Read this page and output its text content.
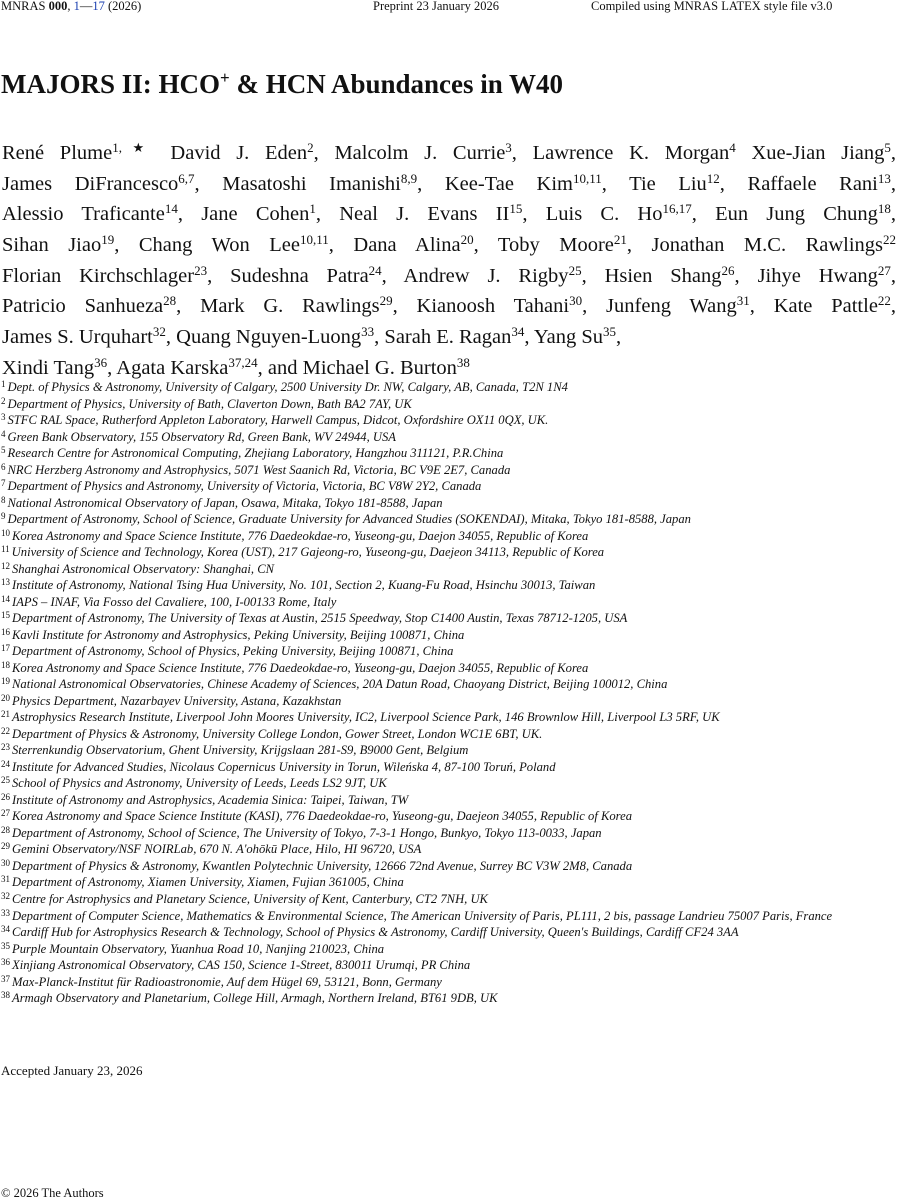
MNRAS 000, 1—17 (2026)	Preprint 23 January 2026	Compiled using MNRAS LATEX style file v3.0
MAJORS II: HCO+ & HCN Abundances in W40
René Plume$^{1,★}$ David J. Eden$^2$, Malcolm J. Currie$^3$, Lawrence K. Morgan$^4$ Xue-Jian Jiang$^5$,
James DiFrancesco$^{6,7}$, Masatoshi Imanishi$^{8,9}$, Kee-Tae Kim$^{10,11}$, Tie Liu$^{12}$, Raffaele Rani$^{13}$,
Alessio Traficante$^{14}$, Jane Cohen$^1$, Neal J. Evans II$^{15}$, Luis C. Ho$^{16,17}$, Eun Jung Chung$^{18}$,
Sihan Jiao$^{19}$, Chang Won Lee$^{10,11}$, Dana Alina$^{20}$, Toby Moore$^{21}$, Jonathan M.C. Rawlings$^{22}$
Florian Kirchschlager$^{23}$, Sudeshna Patra$^{24}$, Andrew J. Rigby$^{25}$, Hsien Shang$^{26}$, Jihye Hwang$^{27}$,
Patricio Sanhueza$^{28}$, Mark G. Rawlings$^{29}$, Kianoosh Tahani$^{30}$, Junfeng Wang$^{31}$, Kate Pattle$^{22}$,
James S. Urquhart$^{32}$, Quang Nguyen-Luong$^{33}$, Sarah E. Ragan$^{34}$, Yang Su$^{35}$,
Xindi Tang$^{36}$, Agata Karska$^{37,24}$, and Michael G. Burton$^{38}$
$^1$ Dept. of Physics & Astronomy, University of Calgary, 2500 University Dr. NW, Calgary, AB, Canada, T2N 1N4
$^2$ Department of Physics, University of Bath, Claverton Down, Bath BA2 7AY, UK
$^3$ STFC RAL Space, Rutherford Appleton Laboratory, Harwell Campus, Didcot, Oxfordshire OX11 0QX, UK.
$^4$ Green Bank Observatory, 155 Observatory Rd, Green Bank, WV 24944, USA
$^5$ Research Centre for Astronomical Computing, Zhejiang Laboratory, Hangzhou 311121, P.R.China
$^6$ NRC Herzberg Astronomy and Astrophysics, 5071 West Saanich Rd, Victoria, BC V9E 2E7, Canada
$^7$ Department of Physics and Astronomy, University of Victoria, Victoria, BC V8W 2Y2, Canada
$^8$ National Astronomical Observatory of Japan, Osawa, Mitaka, Tokyo 181-8588, Japan
$^9$ Department of Astronomy, School of Science, Graduate University for Advanced Studies (SOKENDAI), Mitaka, Tokyo 181-8588, Japan
$^{10}$ Korea Astronomy and Space Science Institute, 776 Daedeokdae-ro, Yuseong-gu, Daejon 34055, Republic of Korea
$^{11}$ University of Science and Technology, Korea (UST), 217 Gajeong-ro, Yuseong-gu, Daejeon 34113, Republic of Korea
$^{12}$ Shanghai Astronomical Observatory: Shanghai, CN
$^{13}$ Institute of Astronomy, National Tsing Hua University, No. 101, Section 2, Kuang-Fu Road, Hsinchu 30013, Taiwan
$^{14}$ IAPS – INAF, Via Fosso del Cavaliere, 100, I-00133 Rome, Italy
$^{15}$ Department of Astronomy, The University of Texas at Austin, 2515 Speedway, Stop C1400 Austin, Texas 78712-1205, USA
$^{16}$ Kavli Institute for Astronomy and Astrophysics, Peking University, Beijing 100871, China
$^{17}$ Department of Astronomy, School of Physics, Peking University, Beijing 100871, China
$^{18}$ Korea Astronomy and Space Science Institute, 776 Daedeokdae-ro, Yuseong-gu, Daejon 34055, Republic of Korea
$^{19}$ National Astronomical Observatories, Chinese Academy of Sciences, 20A Datun Road, Chaoyang District, Beijing 100012, China
$^{20}$ Physics Department, Nazarbayev University, Astana, Kazakhstan
$^{21}$ Astrophysics Research Institute, Liverpool John Moores University, IC2, Liverpool Science Park, 146 Brownlow Hill, Liverpool L3 5RF, UK
$^{22}$ Department of Physics & Astronomy, University College London, Gower Street, London WC1E 6BT, UK.
$^{23}$ Sterrenkundig Observatorium, Ghent University, Krijgslaan 281-S9, B9000 Gent, Belgium
$^{24}$ Institute for Advanced Studies, Nicolaus Copernicus University in Torun, Wileńska 4, 87-100 Toruń, Poland
$^{25}$ School of Physics and Astronomy, University of Leeds, Leeds LS2 9JT, UK
$^{26}$ Institute of Astronomy and Astrophysics, Academia Sinica: Taipei, Taiwan, TW
$^{27}$ Korea Astronomy and Space Science Institute (KASI), 776 Daedeokdae-ro, Yuseong-gu, Daejeon 34055, Republic of Korea
$^{28}$ Department of Astronomy, School of Science, The University of Tokyo, 7-3-1 Hongo, Bunkyo, Tokyo 113-0033, Japan
$^{29}$ Gemini Observatory/NSF NOIRLab, 670 N. A'ohōkū Place, Hilo, HI 96720, USA
$^{30}$ Department of Physics & Astronomy, Kwantlen Polytechnic University, 12666 72nd Avenue, Surrey BC V3W 2M8, Canada
$^{31}$ Department of Astronomy, Xiamen University, Xiamen, Fujian 361005, China
$^{32}$ Centre for Astrophysics and Planetary Science, University of Kent, Canterbury, CT2 7NH, UK
$^{33}$ Department of Computer Science, Mathematics & Environmental Science, The American University of Paris, PL111, 2 bis, passage Landrieu 75007 Paris, France
$^{34}$ Cardiff Hub for Astrophysics Research & Technology, School of Physics & Astronomy, Cardiff University, Queen's Buildings, Cardiff CF24 3AA
$^{35}$ Purple Mountain Observatory, Yuanhua Road 10, Nanjing 210023, China
$^{36}$ Xinjiang Astronomical Observatory, CAS 150, Science 1-Street, 830011 Urumqi, PR China
$^{37}$ Max-Planck-Institut für Radioastronomie, Auf dem Hügel 69, 53121, Bonn, Germany
$^{38}$ Armagh Observatory and Planetarium, College Hill, Armagh, Northern Ireland, BT61 9DB, UK
Accepted January 23, 2026
© 2026 The Authors
